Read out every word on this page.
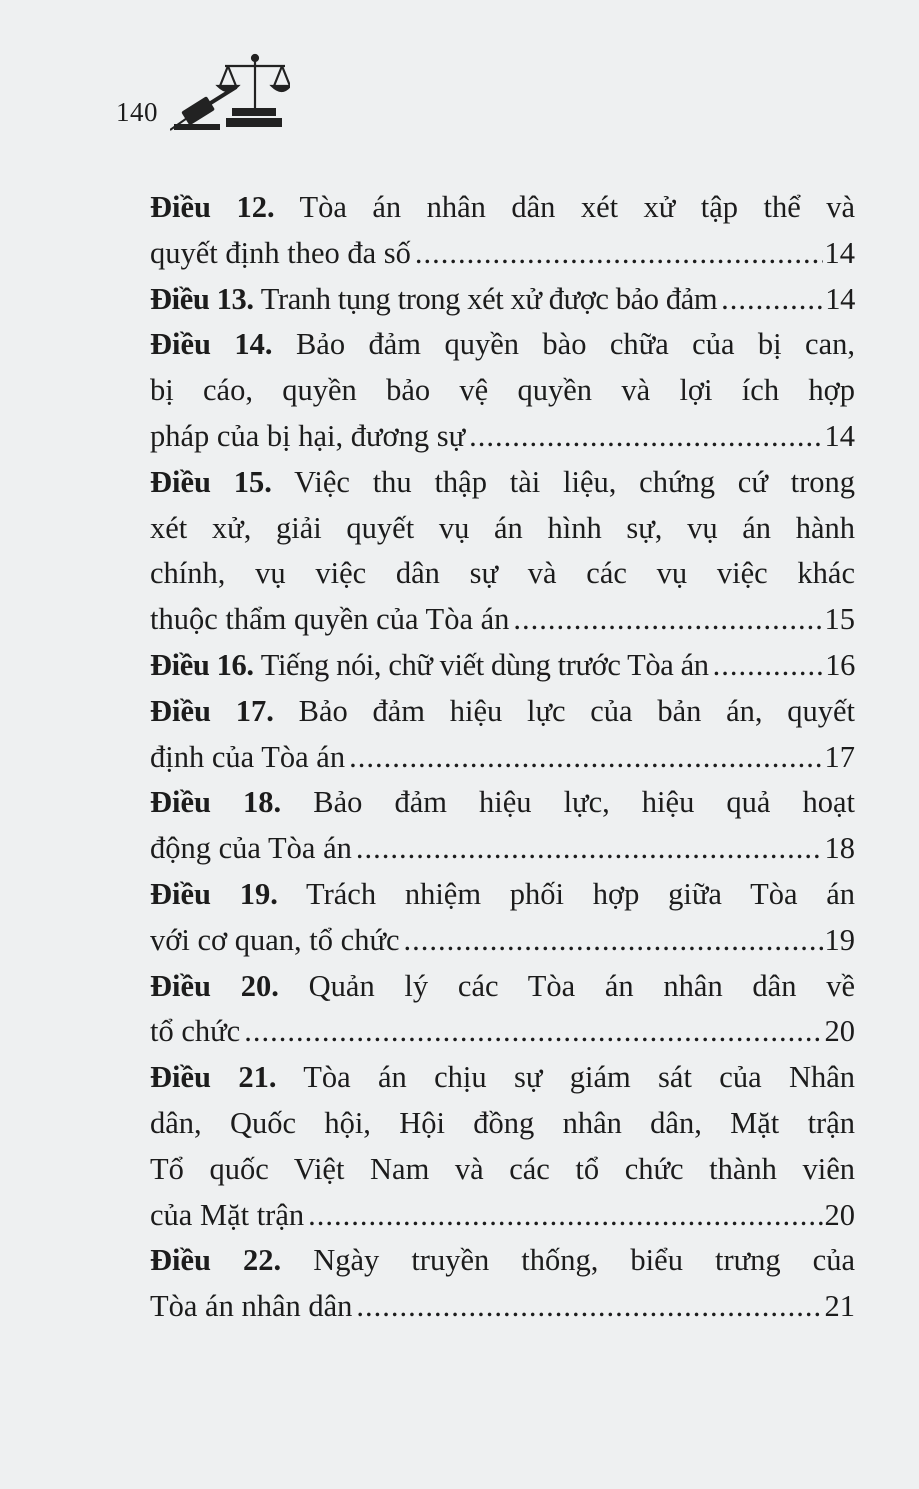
140
Điều 12. Tòa án nhân dân xét xử tập thể và
quyết định theo đa số .....	14
Điều 13.
Tranh tụng trong xét xử được bảo đảm .....	14
Điều 14. Bảo đảm quyền bào chữa của bị can,
bị cáo, quyền bảo vệ quyền và lợi ích hợp
pháp của bị hại, đương sự .....	14
Điều 15. Việc thu thập tài liệu, chứng cứ trong
xét xử, giải quyết vụ án hình sự, vụ án hành
chính, vụ việc dân sự và các vụ việc khác
thuộc thẩm quyền của Tòa án .....	15
Điều 16.
Tiếng nói, chữ viết dùng trước Tòa án .....	16
Điều 17. Bảo đảm hiệu lực của bản án, quyết
định của Tòa án .....	17
Điều 18. Bảo đảm hiệu lực, hiệu quả hoạt
động của Tòa án .....	18
Điều 19. Trách nhiệm phối hợp giữa Tòa án
với cơ quan, tổ chức .....	19
Điều 20. Quản lý các Tòa án nhân dân về
tổ chức .....	20
Điều 21. Tòa án chịu sự giám sát của Nhân
dân, Quốc hội, Hội đồng nhân dân, Mặt trận
Tổ quốc Việt Nam và các tổ chức thành viên
của Mặt trận .....	20
Điều 22. Ngày truyền thống, biểu trưng của
Tòa án nhân dân .....	21
